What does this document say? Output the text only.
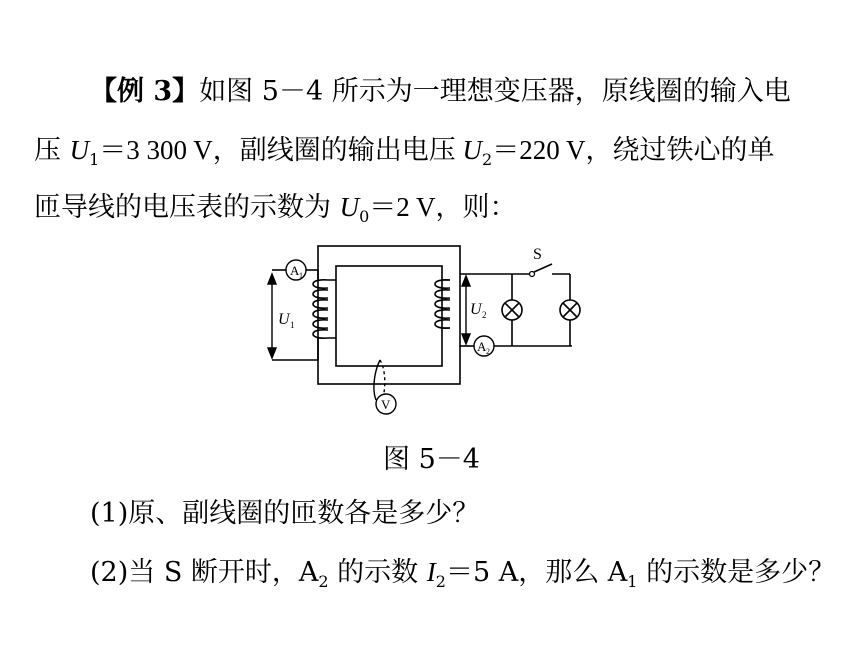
【例 3】如图 5－4 所示为一理想变压器，原线圈的输入电
压 $U_1=3$ 300 V，副线圈的输出电压 $U_2=220$ V，绕过铁心的单
匝导线的电压表的示数为 $U_0=2$ V，则：
A 1
U 1
S
A 2
U 2
V
图 5－4
(1)原、副线圈的匝数各是多少？
(2)当 S 断开时，$A_2$ 的示数 $I_2=5$ A，那么 $A_1$ 的示数是多少？
